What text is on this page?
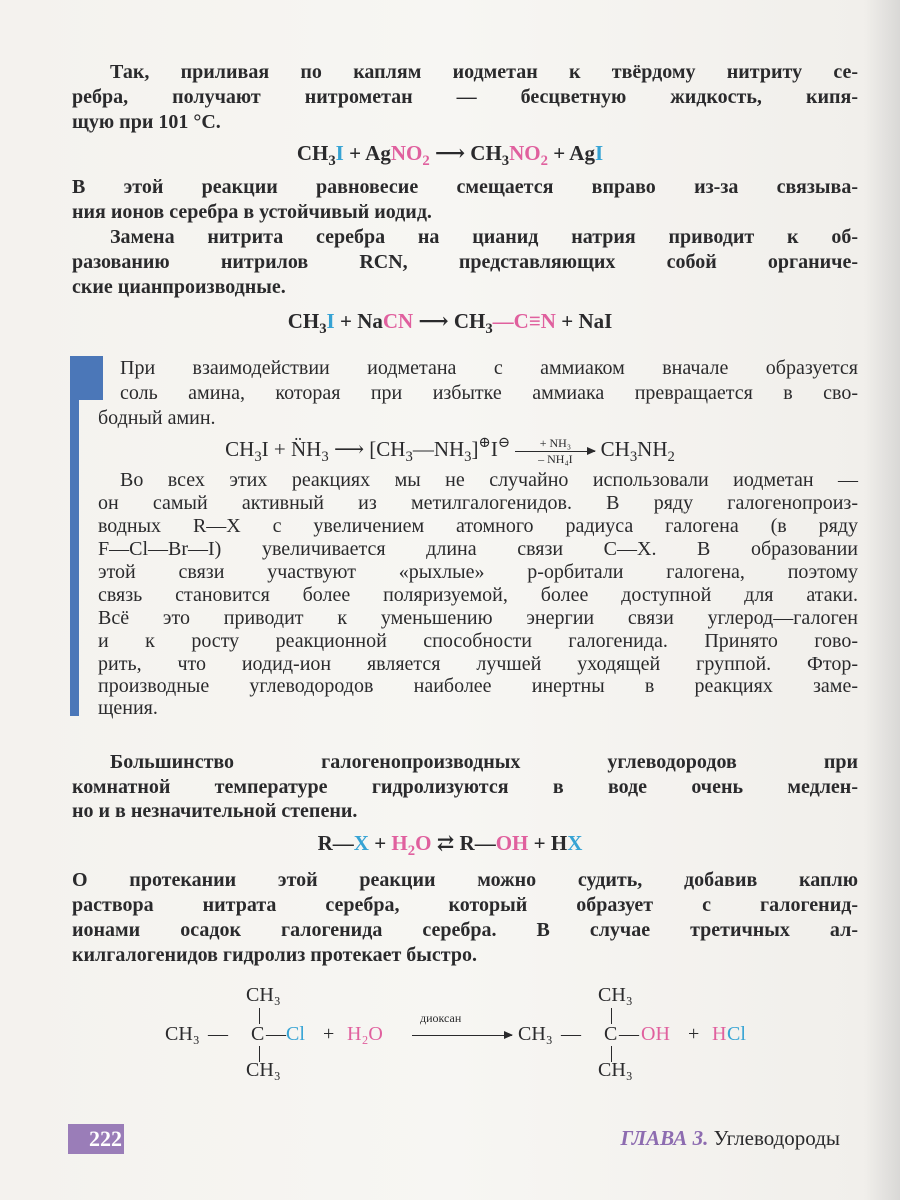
CH₃
CH₃ — C — Cl + H₂O
диоксан
CH₃
CH₃
CH₃ — C — OH + H Cl
CH₃
222	ГЛАВА 3. Углеводороды
Так, приливая по каплям иодметан к твёрдому нитриту се-
ребра, получают нитрометан — бесцветную жидкость, кипя-
щую при 101 °C.
$CH_3I$ + AgNO$_2$ ⟶ $CH_3NO_2$ + AgI
В этой реакции равновесие смещается вправо из-за связыва-
ния ионов серебра в устойчивый иодид.
Замена нитрита серебра на цианид натрия приводит к об-
разованию нитрилов RCN, представляющих собой органиче-
ские цианпроизводные.
$CH_3I$ + NaCN ⟶ $CH_3—C\equiv N$ + NaI
При взаимодействии иодметана с аммиаком вначале образуется
соль амина, которая при избытке аммиака превращается в сво-
бодный амин.
$CH_3I$ + $N̈H_3$ ⟶ $[CH_3—NH_3]^\oplus I^⊖ \frac{\text{+ NH₃}}{\text{– NH₄I}} CH_3NH_2$
Во всех этих реакциях мы не случайно использовали иодметан —
он самый активный из метилгалогенидов. В ряду галогенопроиз-
водных R—X с увеличением атомного радиуса галогена (в ряду
F—Cl—Br—I) увеличивается длина связи C—X. В образовании
этой связи участвуют «рыхлые» p-орбитали галогена, поэтому
связь становится более поляризуемой, более доступной для атаки.
Всё это приводит к уменьшению энергии связи углерод—галоген
и к росту реакционной способности галогенида. Принято гово-
рить, что иодид-ион является лучшей уходящей группой. Фтор-
производные углеводородов наиболее инертны в реакциях заме-
щения.
Большинство галогенопроизводных углеводородов при
комнатной температуре гидролизуются в воде очень медлен-
но и в незначительной степени.
R—X + $H_2O$ ⇄ R—OH + HX
О протекании этой реакции можно судить, добавив каплю
раствора нитрата серебра, который образует с галогенид-
ионами осадок галогенида серебра. В случае третичных ал-
килгалогенидов гидролиз протекает быстро.
